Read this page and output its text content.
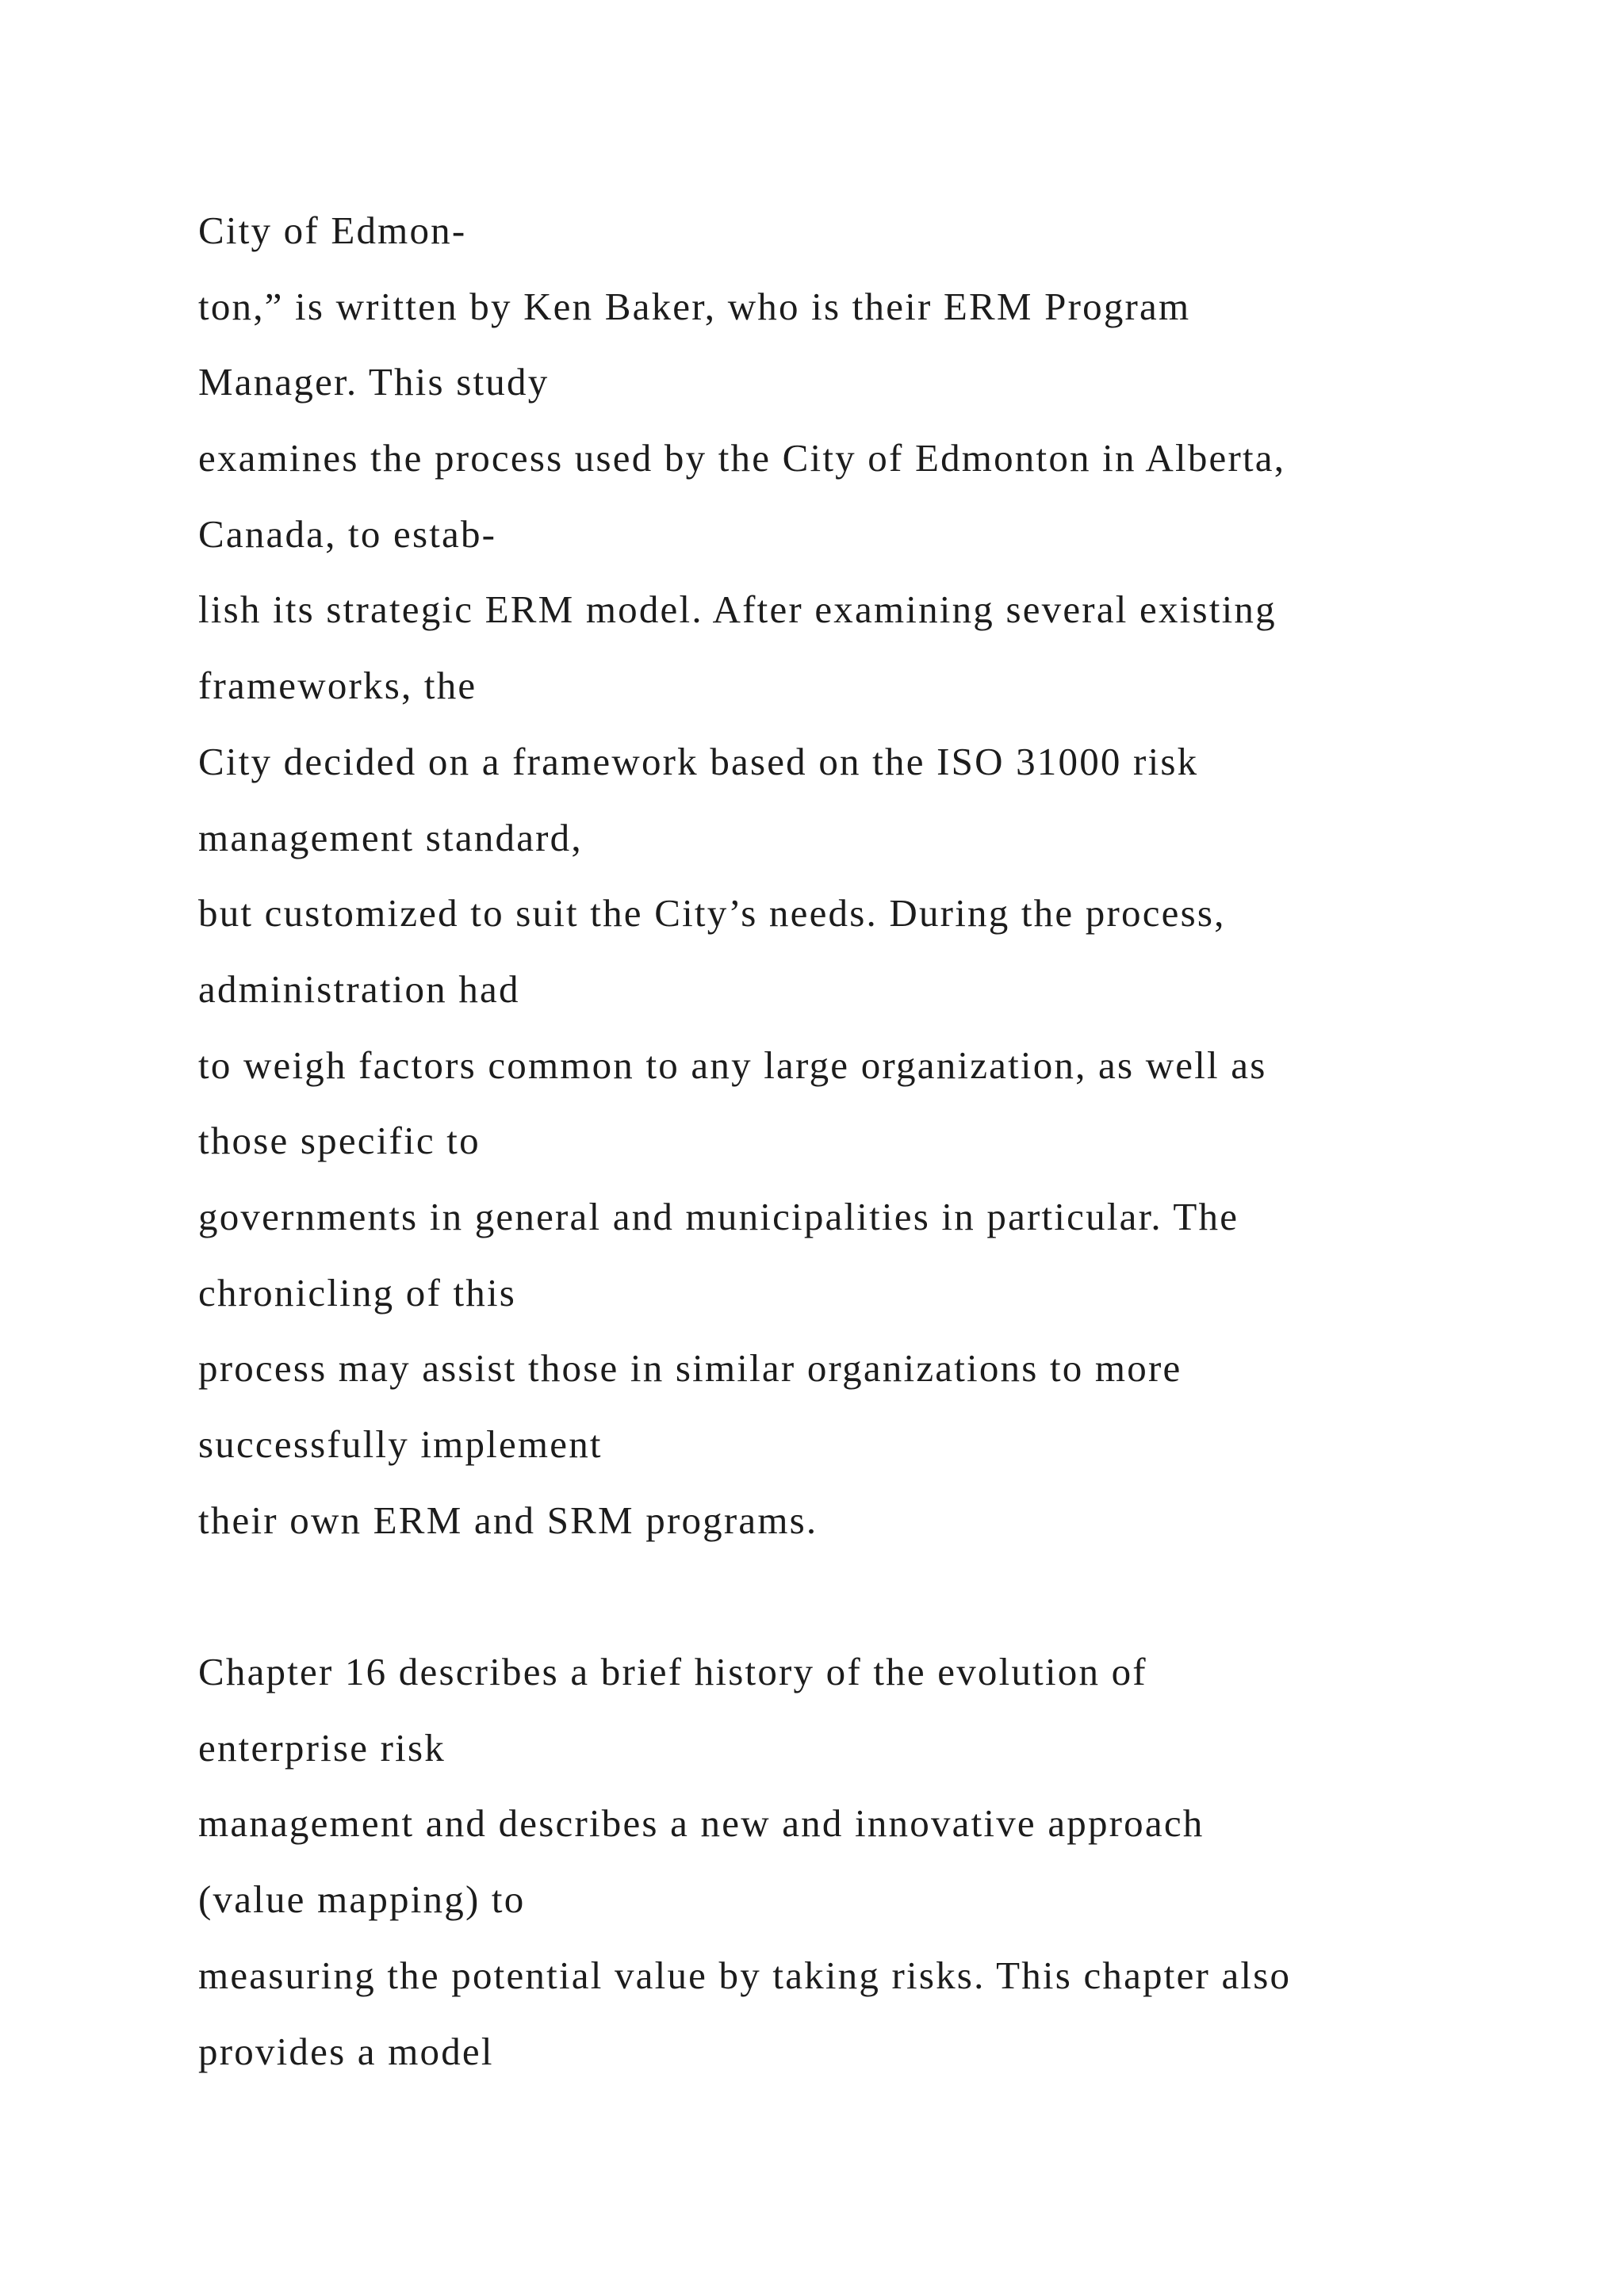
City of Edmon-

ton,” is written by Ken Baker, who is their ERM Program

Manager. This study

examines the process used by the City of Edmonton in Alberta,

Canada, to estab-

lish its strategic ERM model. After examining several existing

frameworks, the

City decided on a framework based on the ISO 31000 risk

management standard,

but customized to suit the City’s needs. During the process,

administration had

to weigh factors common to any large organization, as well as

those specific to

governments in general and municipalities in particular. The

chronicling of this

process may assist those in similar organizations to more

successfully implement

their own ERM and SRM programs.

Chapter 16 describes a brief history of the evolution of

enterprise risk

management and describes a new and innovative approach

(value mapping) to

measuring the potential value by taking risks. This chapter also

provides a model
